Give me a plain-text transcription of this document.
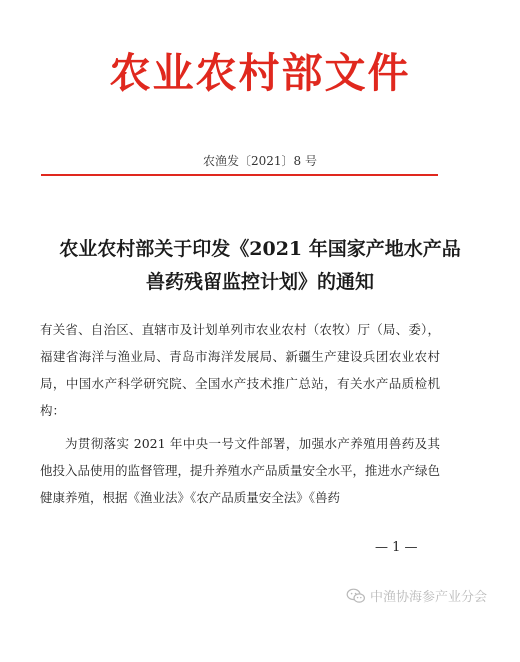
农业农村部文件
农渔发〔2021〕8 号
农业农村部关于印发《2021 年国家产地水产品
兽药残留监控计划》的通知

有关省、自治区、直辖市及计划单列市农业农村（农牧）厅（局、委），福建省海洋与渔业局、青岛市海洋发展局、新疆生产建设兵团农业农村局，中国水产科学研究院、全国水产技术推广总站，有关水产品质检机构：

为贯彻落实 2021 年中央一号文件部署，加强水产养殖用兽药及其他投入品使用的监督管理，提升养殖水产品质量安全水平，推进水产绿色健康养殖，根据《渔业法》《农产品质量安全法》《兽药

— 1 —
中渔协海参产业分会
